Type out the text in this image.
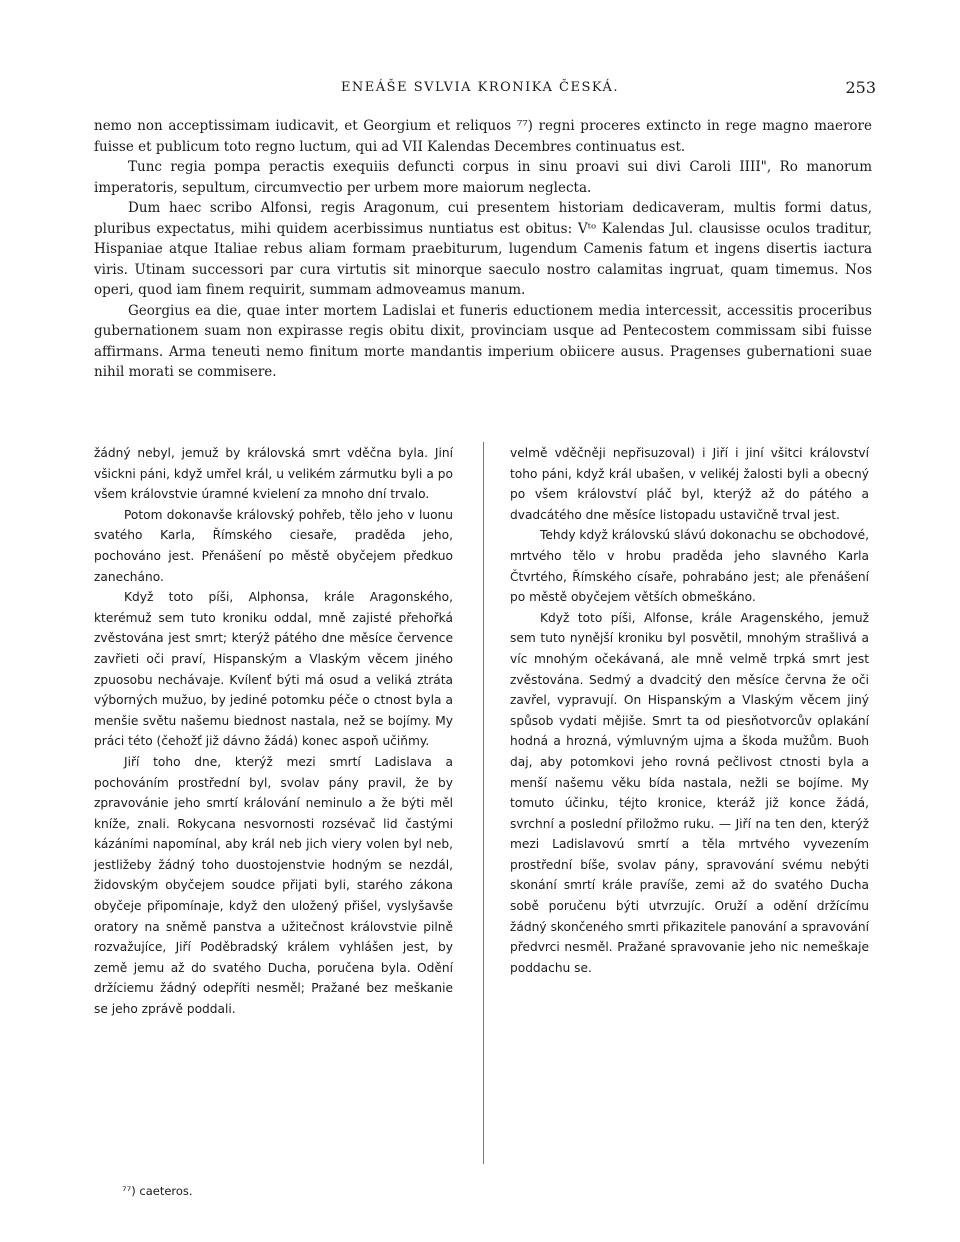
ENEÁŠE SVLVIA KRONIKA ČESKÁ.	253

nemo non acceptissimam iudicavit, et Georgium et reliquos ⁷⁷) regni proceres extincto in rege magno maerore fuisse et publicum toto regno luctum, qui ad VII Kalendas Decembres continuatus est.

Tunc regia pompa peractis exequiis defuncti corpus in sinu proavi sui divi Caroli IIII", Ro manorum imperatoris, sepultum, circumvectio per urbem more maiorum neglecta.

Dum haec scribo Alfonsi, regis Aragonum, cui presentem historiam dedicaveram, multis formi datus, pluribus expectatus, mihi quidem acerbissimus nuntiatus est obitus: Vᵗᵒ Kalendas Jul. clausisse oculos traditur, Hispaniae atque Italiae rebus aliam formam praebiturum, lugendum Camenis fatum et ingens disertis iactura viris. Utinam successori par cura virtutis sit minorque saeculo nostro calamitas ingruat, quam timemus. Nos operi, quod iam finem requirit, summam admoveamus manum.

Georgius ea die, quae inter mortem Ladislai et funeris eductionem media intercessit, accessitis proceribus gubernationem suam non expirasse regis obitu dixit, provinciam usque ad Pentecostem commissam sibi fuisse affirmans. Arma teneuti nemo finitum morte mandantis imperium obiicere ausus. Pragenses gubernationi suae nihil morati se commisere.

žádný nebyl, jemuž by královská smrt vděčna byla. Jiní všickni páni, když umřel král, u velikém zármutku byli a po všem královstvie úramné kvielení za mnoho dní trvalo.

Potom dokonavše královský pohřeb, tělo jeho v luonu svatého Karla, Římského ciesaře, praděda jeho, pochováno jest. Přenášení po městě obyčejem předkuo zanecháno.

Když toto píši, Alphonsa, krále Aragonského, kterémuž sem tuto kroniku oddal, mně zajisté přehořká zvěstována jest smrt; kterýž pátého dne měsíce července zavřieti oči praví, Hispanským a Vlaským věcem jiného zpuosobu nechávaje. Kvílenť býti má osud a veliká ztráta výborných mužuo, by jediné potomku péče o ctnost byla a menšie světu našemu biednost nastala, než se bojímy. My práci této (čehožť již dávno žádá) konec aspoň učiňmy.

Jiří toho dne, kterýž mezi smrtí Ladislava a pochováním prostřední byl, svolav pány pravil, že by zpravovánie jeho smrtí králování neminulo a že býti měl kníže, znali. Rokycana nesvornosti rozsévač lid častými kázáními napomínal, aby král neb jich viery volen byl neb, jestližeby žádný toho duostojenstvie hodným se nezdál, židovským obyčejem soudce přijati byli, starého zákona obyčeje připomínaje, když den uložený přišel, vyslyšavše oratory na sněmě panstva a užitečnost královstvie pilně rozvažujíce, Jiří Poděbradský králem vyhlášen jest, by země jemu až do svatého Ducha, poručena byla. Odění držíciemu žádný odepříti nesměl; Pražané bez meškanie se jeho zprávě poddali.

velmě vděčněji nepřisuzoval) i Jiří i jiní všitci království toho páni, když král ubašen, v velikéj žalosti byli a obecný po všem království pláč byl, kterýž až do pátého a dvadcátého dne měsíce listopadu ustavičně trval jest.

Tehdy když královskú slávú dokonachu se obchodové, mrtvého tělo v hrobu praděda jeho slavného Karla Čtvrtého, Římského císaře, pohrabáno jest; ale přenášení po městě obyčejem větších obmeškáno.

Když toto píši, Alfonse, krále Aragenského, jemuž sem tuto nynější kroniku byl posvětil, mnohým strašlivá a víc mnohým očekávaná, ale mně velmě trpká smrt jest zvěstována. Sedmý a dvadcitý den měsíce června že oči zavřel, vypravují. On Hispanským a Vlaským věcem jiný spůsob vydati mějiše. Smrt ta od piesňotvorcův oplakání hodná a hrozná, výmluvným ujma a škoda mužům. Buoh daj, aby potomkovi jeho rovná pečlivost ctnosti byla a menší našemu věku bída nastala, nežli se bojíme. My tomuto účinku, téjto kronice, kteráž již konce žádá, svrchní a poslední přiložmo ruku. — Jiří na ten den, kterýž mezi Ladislavovú smrtí a těla mrtvého vyvezením prostřední bíše, svolav pány, spravování svému nebýti skonání smrtí krále pravíše, zemi až do svatého Ducha sobě poručenu býti utvrzujíc. Oruží a odění držícímu žádný skončeného smrti přikazitele panování a spravování předvrci nesměl. Pražané spravovanie jeho nic nemeškaje poddachu se.

⁷⁷) caeteros.
